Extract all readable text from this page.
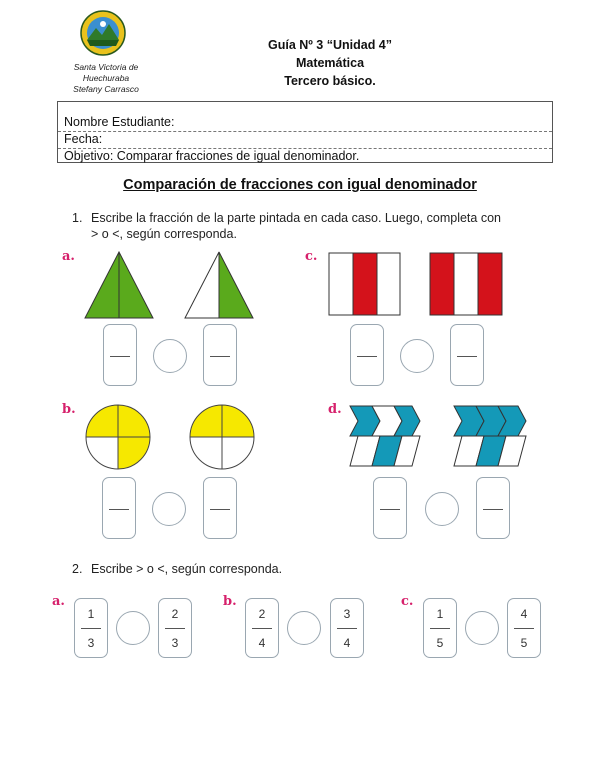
Santa Victoria de
Huechuraba
Stefany Carrasco
Guía Nº 3 “Unidad 4”
Matemática
Tercero básico.
Nombre Estudiante:
Fecha:
Objetivo: Comparar fracciones de igual denominador.
Comparación de fracciones con igual denominador
1. Escribe la fracción de la parte pintada en cada caso. Luego, completa con
> o <, según corresponda.
a.	c.
b.	d.
2. Escribe > o <, según corresponda.
a.
1
3
2
3
b.
2
4
3
4
c.
1
5
4
5
